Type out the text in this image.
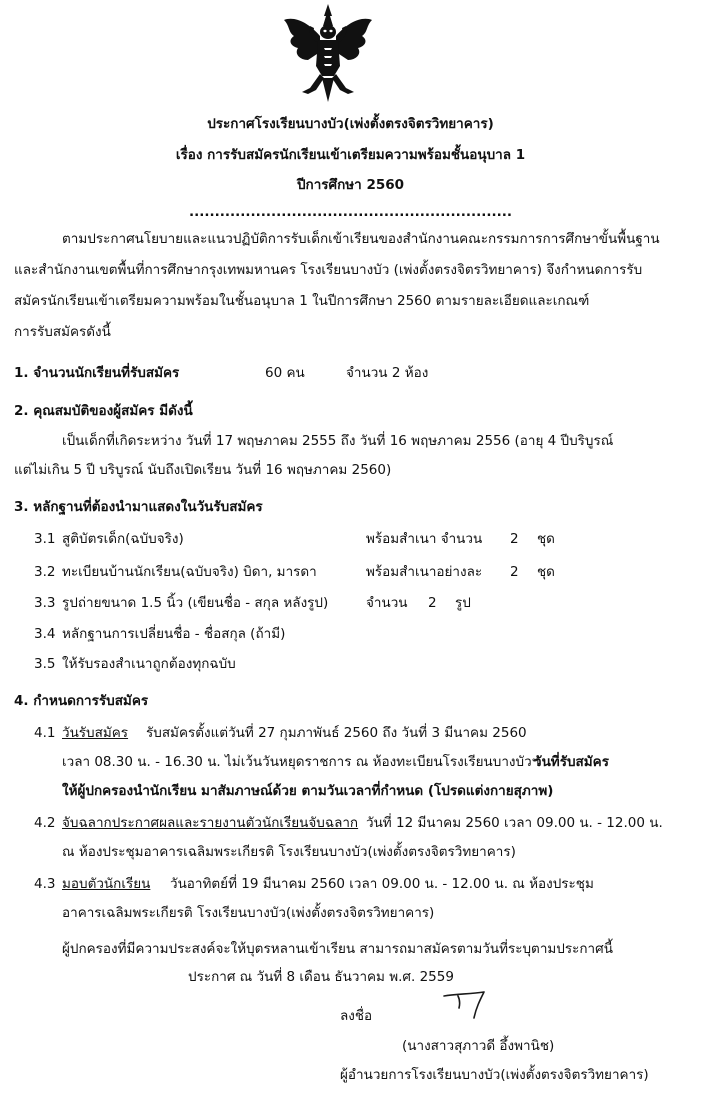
ประกาศโรงเรียนบางบัว(เพ่งตั้งตรงจิตรวิทยาคาร)
เรื่อง การรับสมัครนักเรียนเข้าเตรียมความพร้อมชั้นอนุบาล 1
ปีการศึกษา 2560
...............................................................
ตามประกาศนโยบายและแนวปฏิบัติการรับเด็กเข้าเรียนของสำนักงานคณะกรรมการการศึกษาขั้นพื้นฐาน
และสำนักงานเขตพื้นที่การศึกษากรุงเทพมหานคร โรงเรียนบางบัว (เพ่งตั้งตรงจิตรวิทยาคาร) จึงกำหนดการรับ
สมัครนักเรียนเข้าเตรียมความพร้อมในชั้นอนุบาล 1 ในปีการศึกษา 2560 ตามรายละเอียดและเกณฑ์
การรับสมัครดังนี้
1. จำนวนนักเรียนที่รับสมัคร	60 คน	จำนวน 2 ห้อง
2. คุณสมบัติของผู้สมัคร มีดังนี้
เป็นเด็กที่เกิดระหว่าง วันที่ 17 พฤษภาคม 2555 ถึง วันที่ 16 พฤษภาคม 2556 (อายุ 4 ปีบริบูรณ์
แต่ไม่เกิน 5 ปี บริบูรณ์ นับถึงเปิดเรียน วันที่ 16 พฤษภาคม 2560)
3. หลักฐานที่ต้องนำมาแสดงในวันรับสมัคร
3.1 สูติบัตรเด็ก(ฉบับจริง)	พร้อมสำเนา จำนวน 2 ชุด
3.2 ทะเบียนบ้านนักเรียน(ฉบับจริง) บิดา, มารดา	พร้อมสำเนาอย่างละ 2 ชุด
3.3 รูปถ่ายขนาด 1.5 นิ้ว (เขียนชื่อ - สกุล หลังรูป)	จำนวน 2 รูป
3.4 หลักฐานการเปลี่ยนชื่อ - ชื่อสกุล (ถ้ามี)
3.5 ให้รับรองสำเนาถูกต้องทุกฉบับ
4. กำหนดการรับสมัคร
4.1 วันรับสมัคร รับสมัครตั้งแต่วันที่ 27 กุมภาพันธ์ 2560 ถึง วันที่ 3 มีนาคม 2560
เวลา 08.30 น. - 16.30 น. ไม่เว้นวันหยุดราชการ ณ ห้องทะเบียนโรงเรียนบางบัวฯ
วันที่รับสมัคร
ให้ผู้ปกครองนำนักเรียน มาสัมภาษณ์ด้วย ตามวันเวลาที่กำหนด (โปรดแต่งกายสุภาพ)
4.2 จับฉลากประกาศผลและรายงานตัวนักเรียนจับฉลาก วันที่ 12 มีนาคม 2560 เวลา 09.00 น. - 12.00 น.
ณ ห้องประชุมอาคารเฉลิมพระเกียรติ โรงเรียนบางบัว(เพ่งตั้งตรงจิตรวิทยาคาร)
4.3 มอบตัวนักเรียน วันอาทิตย์ที่ 19 มีนาคม 2560 เวลา 09.00 น. - 12.00 น. ณ ห้องประชุม
อาคารเฉลิมพระเกียรติ โรงเรียนบางบัว(เพ่งตั้งตรงจิตรวิทยาคาร)
ผู้ปกครองที่มีความประสงค์จะให้บุตรหลานเข้าเรียน สามารถมาสมัครตามวันที่ระบุตามประกาศนี้
ประกาศ ณ วันที่ 8 เดือน ธันวาคม พ.ศ. 2559
ลงชื่อ
(นางสาวสุภาวดี อึ้งพานิช)
ผู้อำนวยการโรงเรียนบางบัว(เพ่งตั้งตรงจิตรวิทยาคาร)
